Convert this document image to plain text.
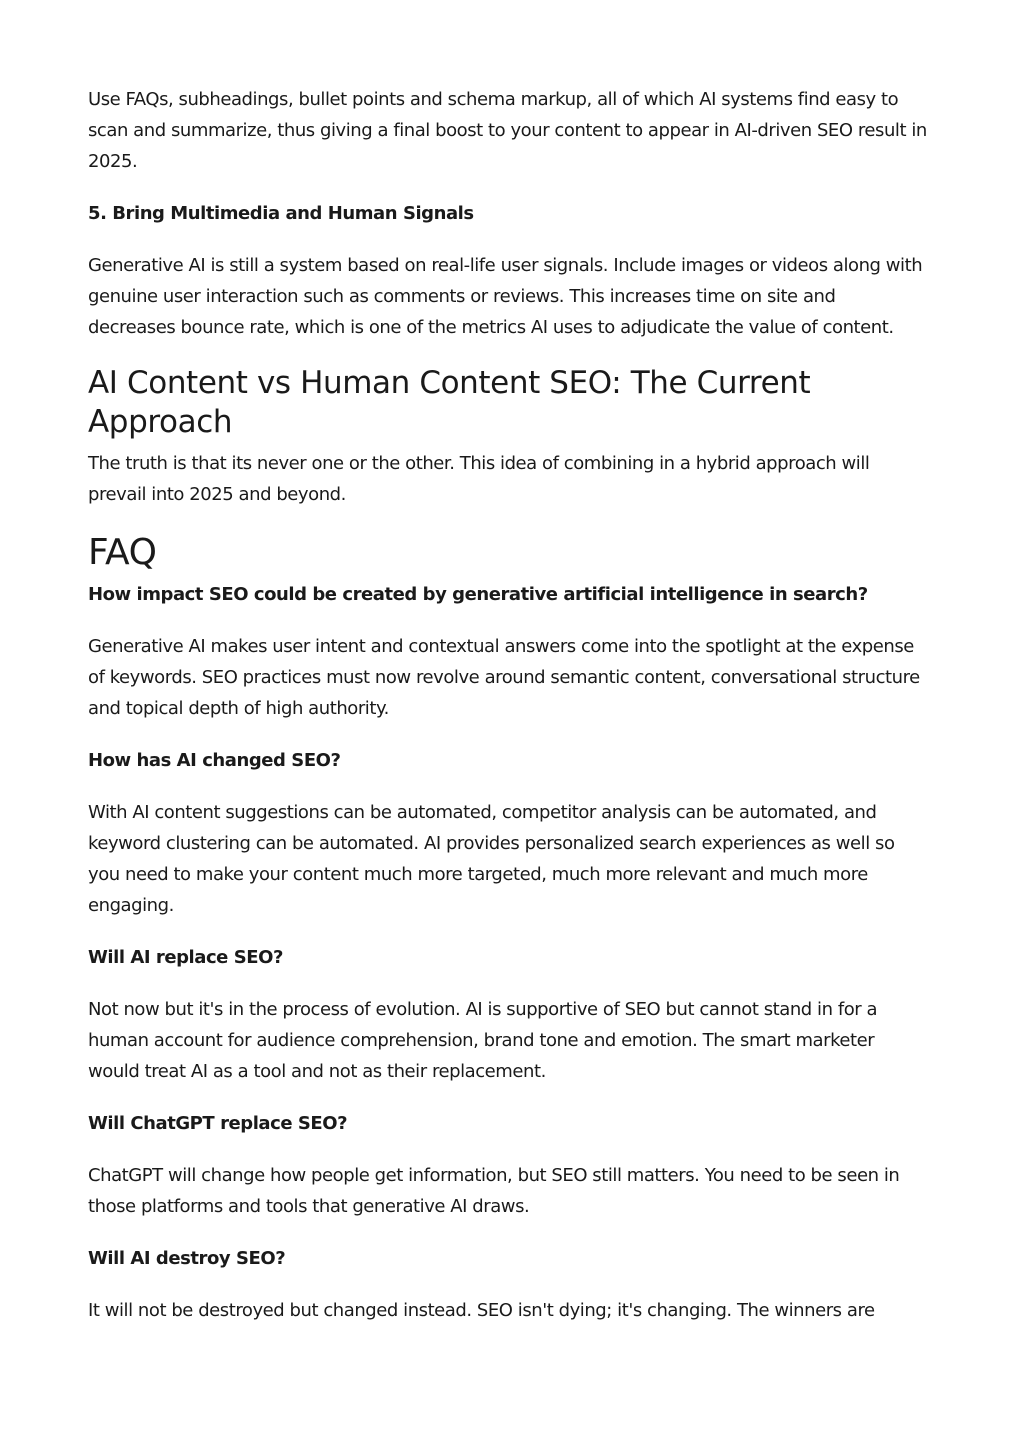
Use FAQs, subheadings, bullet points and schema markup, all of which AI systems find easy to scan and summarize, thus giving a final boost to your content to appear in AI-driven SEO result in 2025.

5. Bring Multimedia and Human Signals

Generative AI is still a system based on real-life user signals. Include images or videos along with genuine user interaction such as comments or reviews. This increases time on site and decreases bounce rate, which is one of the metrics AI uses to adjudicate the value of content.

AI Content vs Human Content SEO: The Current Approach

The truth is that its never one or the other. This idea of combining in a hybrid approach will prevail into 2025 and beyond.

FAQ

How impact SEO could be created by generative artificial intelligence in search?

Generative AI makes user intent and contextual answers come into the spotlight at the expense of keywords. SEO practices must now revolve around semantic content, conversational structure and topical depth of high authority.

How has AI changed SEO?

With AI content suggestions can be automated, competitor analysis can be automated, and keyword clustering can be automated. AI provides personalized search experiences as well so you need to make your content much more targeted, much more relevant and much more engaging.

Will AI replace SEO?

Not now but it's in the process of evolution. AI is supportive of SEO but cannot stand in for a human account for audience comprehension, brand tone and emotion. The smart marketer would treat AI as a tool and not as their replacement.

Will ChatGPT replace SEO?

ChatGPT will change how people get information, but SEO still matters. You need to be seen in those platforms and tools that generative AI draws.

Will AI destroy SEO?

It will not be destroyed but changed instead. SEO isn't dying; it's changing. The winners are
